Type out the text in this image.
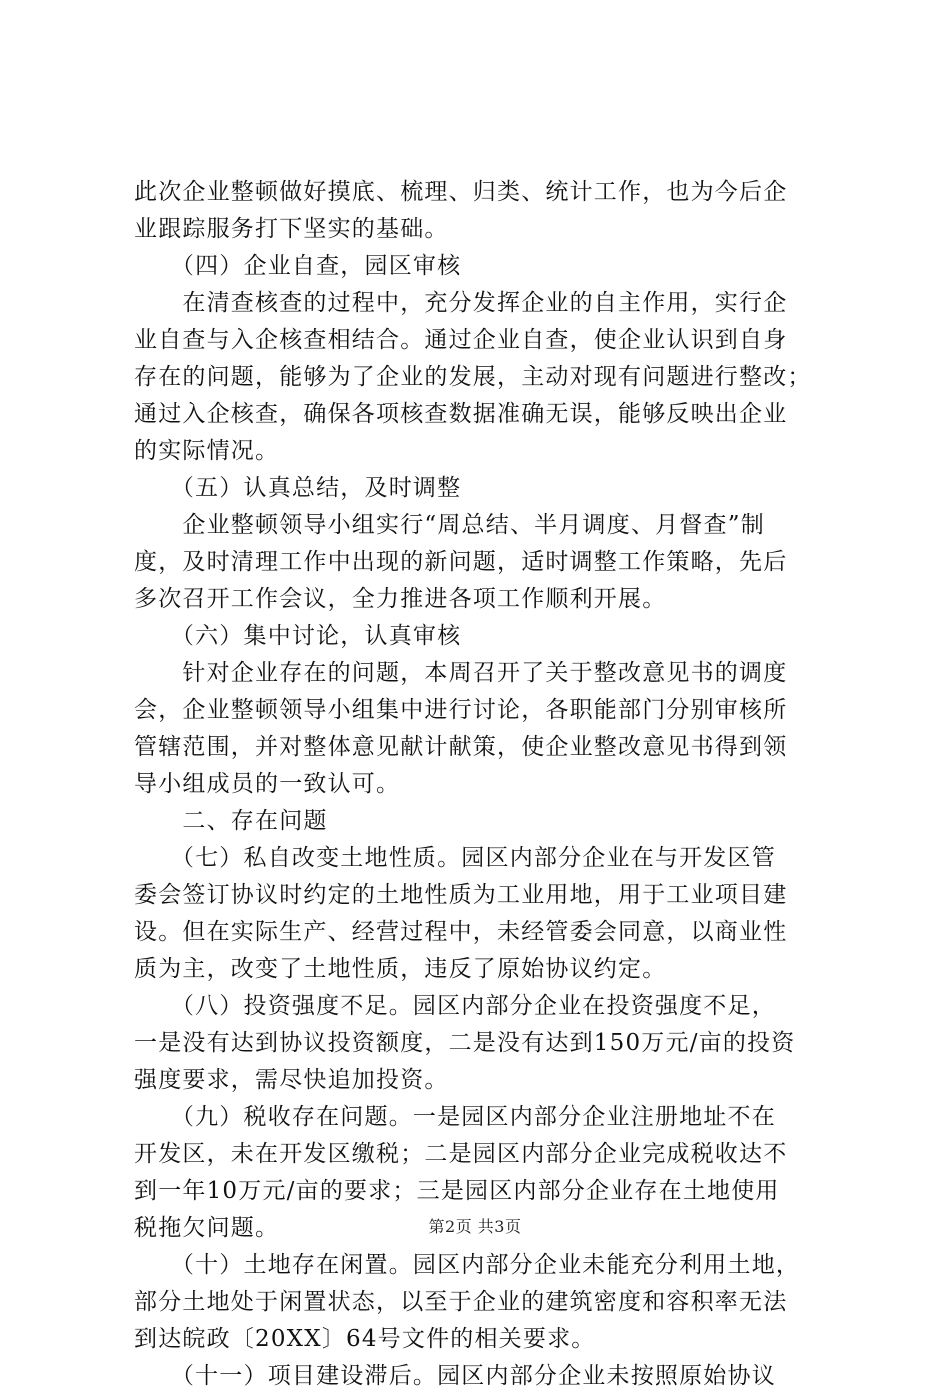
此次企业整顿做好摸底、梳理、归类、统计工作，也为今后企
业跟踪服务打下坚实的基础。
　　（四）企业自查，园区审核
　　在清查核查的过程中，充分发挥企业的自主作用，实行企
业自查与入企核查相结合。通过企业自查，使企业认识到自身
存在的问题，能够为了企业的发展，主动对现有问题进行整改；
通过入企核查，确保各项核查数据准确无误，能够反映出企业
的实际情况。
　　（五）认真总结，及时调整
　　企业整顿领导小组实行“周总结、半月调度、月督查”制
度，及时清理工作中出现的新问题，适时调整工作策略，先后
多次召开工作会议，全力推进各项工作顺利开展。
　　（六）集中讨论，认真审核
　　针对企业存在的问题，本周召开了关于整改意见书的调度
会，企业整顿领导小组集中进行讨论，各职能部门分别审核所
管辖范围，并对整体意见献计献策，使企业整改意见书得到领
导小组成员的一致认可。
　　二、存在问题
　　（七）私自改变土地性质。园区内部分企业在与开发区管
委会签订协议时约定的土地性质为工业用地，用于工业项目建
设。但在实际生产、经营过程中，未经管委会同意，以商业性
质为主，改变了土地性质，违反了原始协议约定。
　　（八）投资强度不足。园区内部分企业在投资强度不足，
一是没有达到协议投资额度，二是没有达到150万元/亩的投资
强度要求，需尽快追加投资。
　　（九）税收存在问题。一是园区内部分企业注册地址不在
开发区，未在开发区缴税；二是园区内部分企业完成税收达不
到一年10万元/亩的要求；三是园区内部分企业存在土地使用
税拖欠问题。
　　（十）土地存在闲置。园区内部分企业未能充分利用土地，
部分土地处于闲置状态，以至于企业的建筑密度和容积率无法
到达皖政〔20XX〕64号文件的相关要求。
　　（十一）项目建设滞后。园区内部分企业未按照原始协议
第2页 共3页
